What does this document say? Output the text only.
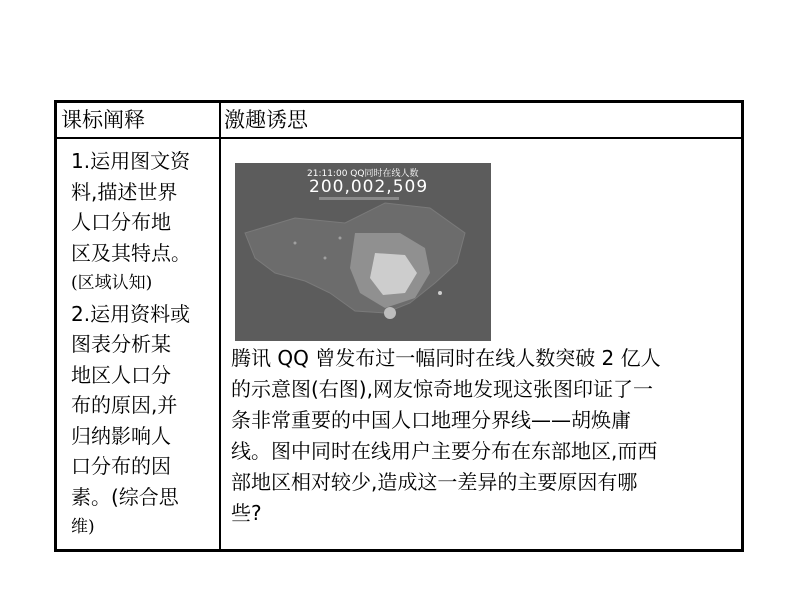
课标阐释	激趣诱思
1.运用图文资
料,描述世界
人口分布地
区及其特点。
(区域认知)
2.运用资料或
图表分析某
地区人口分
布的原因,并
归纳影响人
口分布的因
素。(综合思
维)
21:11:00 QQ同时在线人数
200,002,509
腾讯 QQ 曾发布过一幅同时在线人数突破 2 亿人
的示意图(右图),网友惊奇地发现这张图印证了一
条非常重要的中国人口地理分界线——胡焕庸
线。图中同时在线用户主要分布在东部地区,而西
部地区相对较少,造成这一差异的主要原因有哪
些?
